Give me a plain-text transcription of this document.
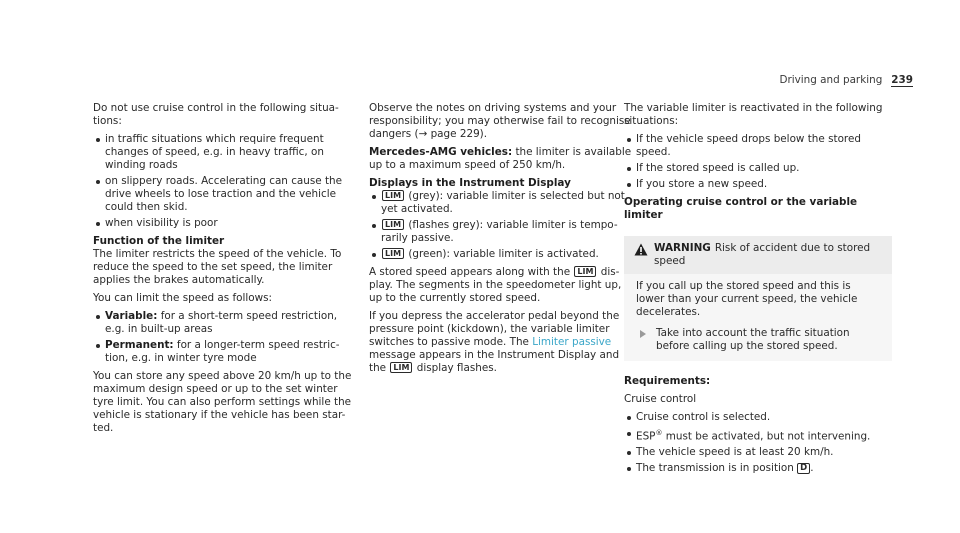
Driving and parking 239

Do not use cruise control in the following situa-tions:

in traffic situations which require frequent changes of speed, e.g. in heavy traffic, on winding roads
on slippery roads. Accelerating can cause the drive wheels to lose traction and the vehicle could then skid.
when visibility is poor
Function of the limiter

The limiter restricts the speed of the vehicle. To reduce the speed to the set speed, the limiter applies the brakes automatically.

You can limit the speed as follows:

Variable: for a short-term speed restriction, e.g. in built-up areas
Permanent: for a longer-term speed restric-tion, e.g. in winter tyre mode

You can store any speed above 20 km/h up to the maximum design speed or up to the set winter tyre limit. You can also perform settings while the vehicle is stationary if the vehicle has been star-ted.

Observe the notes on driving systems and your responsibility; you may otherwise fail to recognise dangers (→ page 229).

Mercedes-AMG vehicles: the limiter is available up to a maximum speed of 250 km/h.

Displays in the Instrument Display
LIM (grey): variable limiter is selected but not yet activated.
LIM (flashes grey): variable limiter is tempo-rarily passive.
LIM (green): variable limiter is activated.

A stored speed appears along with the LIM dis-play. The segments in the speedometer light up, up to the currently stored speed.

If you depress the accelerator pedal beyond the pressure point (kickdown), the variable limiter switches to passive mode. The Limiter passive message appears in the Instrument Display and the LIM display flashes.

The variable limiter is reactivated in the following situations:

If the vehicle speed drops below the stored speed.
If the stored speed is called up.
If you store a new speed.
Operating cruise control or the variable limiter
WARNING Risk of accident due to stored speed
If you call up the stored speed and this is lower than your current speed, the vehicle decelerates.
Take into account the traffic situation before calling up the stored speed.
Requirements:

Cruise control

Cruise control is selected.
ESP® must be activated, but not intervening.
The vehicle speed is at least 20 km/h.
The transmission is in position D .
